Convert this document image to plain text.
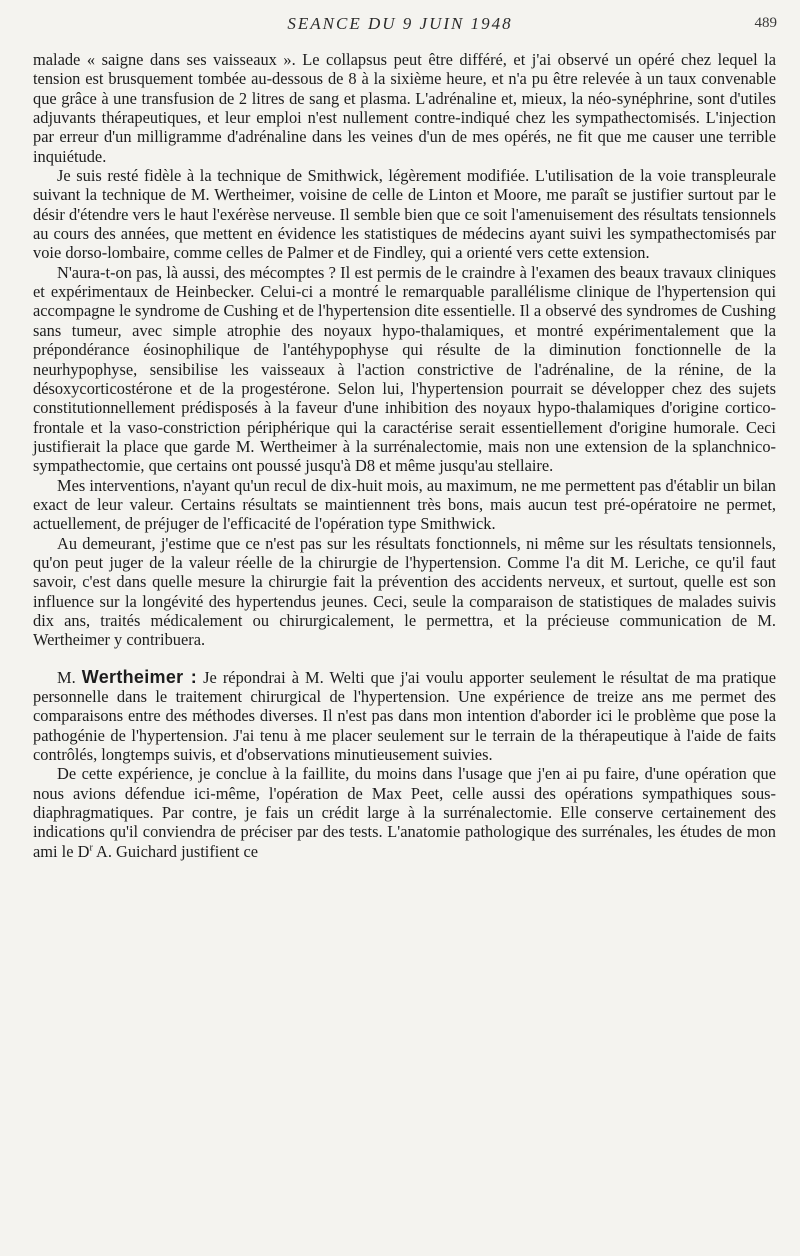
SEANCE DU 9 JUIN 1948	489

malade « saigne dans ses vaisseaux ». Le collapsus peut être différé, et j'ai observé un opéré chez lequel la tension est brusquement tombée au-dessous de 8 à la sixième heure, et n'a pu être relevée à un taux convenable que grâce à une transfusion de 2 litres de sang et plasma. L'adrénaline et, mieux, la néo-synéphrine, sont d'utiles adjuvants thérapeutiques, et leur emploi n'est nullement contre-indiqué chez les sympathectomisés. L'injection par erreur d'un milligramme d'adrénaline dans les veines d'un de mes opérés, ne fit que me causer une terrible inquiétude.

Je suis resté fidèle à la technique de Smithwick, légèrement modifiée. L'utilisation de la voie transpleurale suivant la technique de M. Wertheimer, voisine de celle de Linton et Moore, me paraît se justifier surtout par le désir d'étendre vers le haut l'exérèse nerveuse. Il semble bien que ce soit l'amenuisement des résultats tensionnels au cours des années, que mettent en évidence les statistiques de médecins ayant suivi les sympathectomisés par voie dorso-lombaire, comme celles de Palmer et de Findley, qui a orienté vers cette extension.

N'aura-t-on pas, là aussi, des mécomptes ? Il est permis de le craindre à l'examen des beaux travaux cliniques et expérimentaux de Heinbecker. Celui-ci a montré le remarquable parallélisme clinique de l'hypertension qui accompagne le syndrome de Cushing et de l'hypertension dite essentielle. Il a observé des syndromes de Cushing sans tumeur, avec simple atrophie des noyaux hypo-thalamiques, et montré expérimentalement que la prépondérance éosinophilique de l'antéhypophyse qui résulte de la diminution fonctionnelle de la neurhypophyse, sensibilise les vaisseaux à l'action constrictive de l'adrénaline, de la rénine, de la désoxycorticostérone et de la progestérone. Selon lui, l'hypertension pourrait se développer chez des sujets constitutionnellement prédisposés à la faveur d'une inhibition des noyaux hypo-thalamiques d'origine cortico-frontale et la vaso-constriction périphérique qui la caractérise serait essentiellement d'origine humorale. Ceci justifierait la place que garde M. Wertheimer à la surrénalectomie, mais non une extension de la splanchnico-sympathectomie, que certains ont poussé jusqu'à D8 et même jusqu'au stellaire.

Mes interventions, n'ayant qu'un recul de dix-huit mois, au maximum, ne me permettent pas d'établir un bilan exact de leur valeur. Certains résultats se maintiennent très bons, mais aucun test pré-opératoire ne permet, actuellement, de préjuger de l'efficacité de l'opération type Smithwick.

Au demeurant, j'estime que ce n'est pas sur les résultats fonctionnels, ni même sur les résultats tensionnels, qu'on peut juger de la valeur réelle de la chirurgie de l'hypertension. Comme l'a dit M. Leriche, ce qu'il faut savoir, c'est dans quelle mesure la chirurgie fait la prévention des accidents nerveux, et surtout, quelle est son influence sur la longévité des hypertendus jeunes. Ceci, seule la comparaison de statistiques de malades suivis dix ans, traités médicalement ou chirurgicalement, le permettra, et la précieuse communication de M. Wertheimer y contribuera.

M. Wertheimer : Je répondrai à M. Welti que j'ai voulu apporter seulement le résultat de ma pratique personnelle dans le traitement chirurgical de l'hypertension. Une expérience de treize ans me permet des comparaisons entre des méthodes diverses. Il n'est pas dans mon intention d'aborder ici le problème que pose la pathogénie de l'hypertension. J'ai tenu à me placer seulement sur le terrain de la thérapeutique à l'aide de faits contrôlés, longtemps suivis, et d'observations minutieusement suivies.

De cette expérience, je conclue à la faillite, du moins dans l'usage que j'en ai pu faire, d'une opération que nous avions défendue ici-même, l'opération de Max Peet, celle aussi des opérations sympathiques sous-diaphragmatiques. Par contre, je fais un crédit large à la surrénalectomie. Elle conserve certainement des indications qu'il conviendra de préciser par des tests. L'anatomie pathologique des surrénales, les études de mon ami le $D^r$ A. Guichard justifient ce
